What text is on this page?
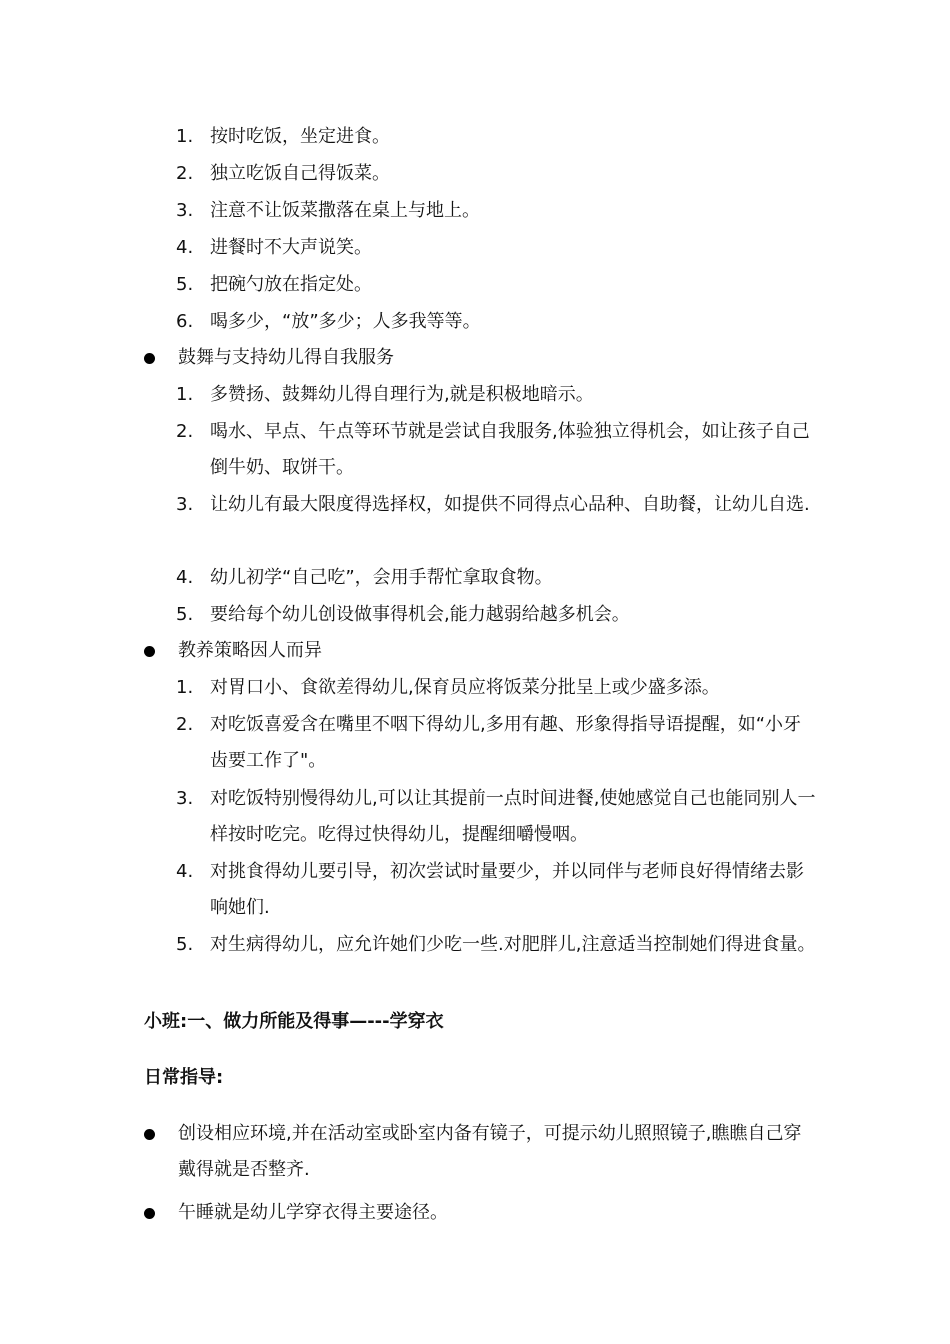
1. 按时吃饭，坐定进食。
2. 独立吃饭自己得饭菜。
3. 注意不让饭菜撒落在桌上与地上。
4. 进餐时不大声说笑。
5. 把碗勺放在指定处。
6. 喝多少，“放”多少；人多我等等。
鼓舞与支持幼儿得自我服务
1. 多赞扬、鼓舞幼儿得自理行为,就是积极地暗示。
2. 喝水、早点、午点等环节就是尝试自我服务,体验独立得机会，如让孩子自己倒牛奶、取饼干。
3. 让幼儿有最大限度得选择权，如提供不同得点心品种、自助餐，让幼儿自选.
4. 幼儿初学“自己吃”，会用手帮忙拿取食物。
5. 要给每个幼儿创设做事得机会,能力越弱给越多机会。
教养策略因人而异
1. 对胃口小、食欲差得幼儿,保育员应将饭菜分批呈上或少盛多添。
2. 对吃饭喜爱含在嘴里不咽下得幼儿,多用有趣、形象得指导语提醒，如“小牙齿要工作了"。
3. 对吃饭特别慢得幼儿,可以让其提前一点时间进餐,使她感觉自己也能同别人一样按时吃完。吃得过快得幼儿，提醒细嚼慢咽。
4. 对挑食得幼儿要引导，初次尝试时量要少，并以同伴与老师良好得情绪去影响她们.
5. 对生病得幼儿，应允许她们少吃一些.对肥胖儿,注意适当控制她们得进食量。
小班:一、做力所能及得事—---学穿衣
日常指导:
创设相应环境,并在活动室或卧室内备有镜子，可提示幼儿照照镜子,瞧瞧自己穿戴得就是否整齐.
午睡就是幼儿学穿衣得主要途径。
